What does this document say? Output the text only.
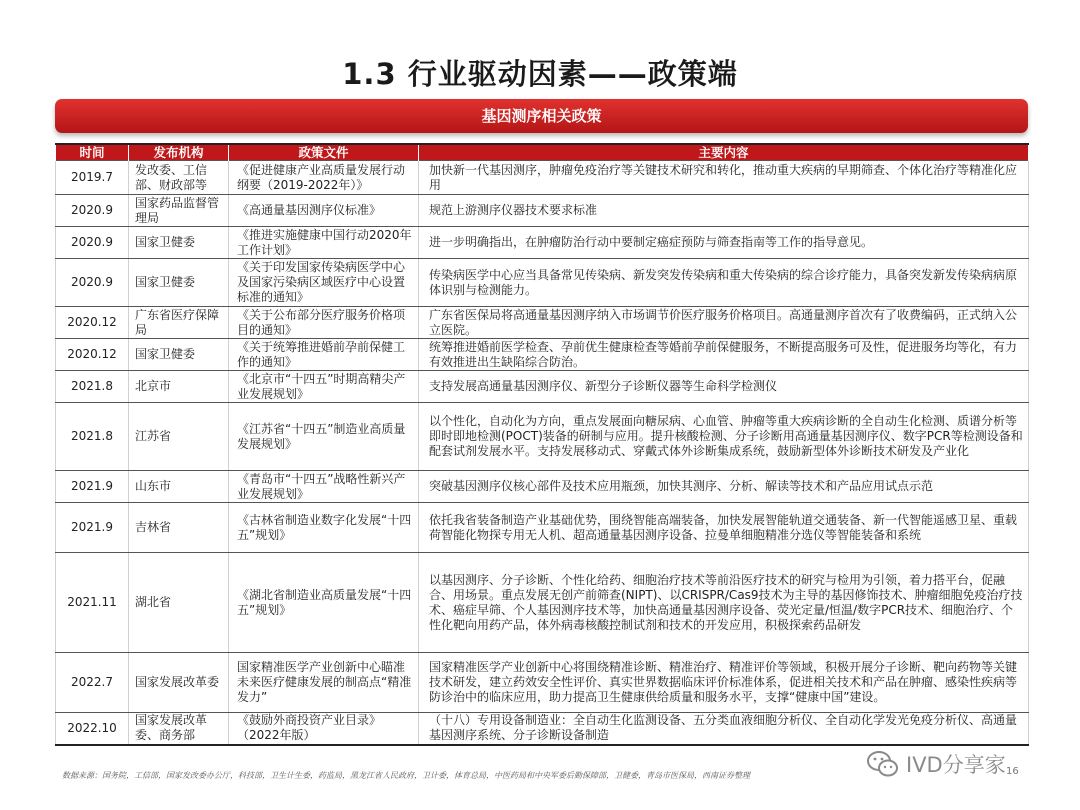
1.3 行业驱动因素——政策端
基因测序相关政策
时间	发布机构	政策文件	主要内容
2019.7	发改委、工信部、财政部等	《促进健康产业高质量发展行动纲要（2019-2022年）》	加快新一代基因测序，肿瘤免疫治疗等关键技术研究和转化，推动重大疾病的早期筛查、个体化治疗等精准化应用
2020.9	国家药品监督管理局	《高通量基因测序仪标准》	规范上游测序仪器技术要求标准
2020.9	国家卫健委	《推进实施健康中国行动2020年工作计划》	进一步明确指出，在肿瘤防治行动中要制定癌症预防与筛查指南等工作的指导意见。
2020.9	国家卫健委	《关于印发国家传染病医学中心及国家污染病区域医疗中心设置标准的通知》	传染病医学中心应当具备常见传染病、新发突发传染病和重大传染病的综合诊疗能力，具备突发新发传染病病原体识别与检测能力。
2020.12	广东省医疗保障局	《关于公布部分医疗服务价格项目的通知》	广东省医保局将高通量基因测序纳入市场调节价医疗服务价格项目。高通量测序首次有了收费编码，正式纳入公立医院。
2020.12	国家卫健委	《关于统筹推进婚前孕前保健工作的通知》	统筹推进婚前医学检查、孕前优生健康检查等婚前孕前保健服务，不断提高服务可及性，促进服务均等化，有力有效推进出生缺陷综合防治。
2021.8	北京市	《北京市“十四五”时期高精尖产业发展规划》	支持发展高通量基因测序仪、新型分子诊断仪器等生命科学检测仪
2021.8	江苏省	《江苏省“十四五”制造业高质量发展规划》	以个性化，自动化为方向，重点发展面向糖尿病、心血管、肿瘤等重大疾病诊断的全自动生化检测、质谱分析等即时即地检测(POCT)装备的研制与应用。提升核酸检测、分子诊断用高通量基因测序仪、数字PCR等检测设备和配套试剂发展水平。支持发展移动式、穿戴式体外诊断集成系统，鼓励新型体外诊断技术研发及产业化
2021.9	山东市	《青岛市“十四五”战略性新兴产业发展规划》	突破基因测序仪核心部件及技术应用瓶颈，加快其测序、分析、解读等技术和产品应用试点示范
2021.9	吉林省	《古林省制造业数字化发展“十四五”规划》	依托我省装备制造产业基础优势，围绕智能高端装备，加快发展智能轨道交通装备、新一代智能遥感卫星、重载荷智能化物探专用无人机、超高通量基因测序设备、拉曼单细胞精准分选仪等智能装备和系统
2021.11	湖北省	《湖北省制造业高质量发展“十四五”规划》	以基因测序、分子诊断、个性化给药、细胞治疗技术等前沿医疗技术的研究与检用为引领，着力搭平台，促融合、用场景。重点发展无创产前筛查(NIPT)、以CRISPR/Cas9技术为主导的基因修饰技术、肿瘤细胞免疫治疗技术、癌症早筛、个人基因测序技术等，加快高通量基因测序设备、荧光定量/恒温/数字PCR技术、细胞治疗、个性化靶向用药产品，体外病毒核酸控制试剂和技术的开发应用，积极探索药品研发
2022.7	国家发展改革委	国家精准医学产业创新中心瞄准未来医疗健康发展的制高点“精准发力”	国家精准医学产业创新中心将围绕精准诊断、精准治疗、精准评价等领域，积极开展分子诊断、靶向药物等关键技术研发，建立药效安全性评价、真实世界数据临床评价标准体系，促进相关技术和产品在肿瘤、感染性疾病等防诊治中的临床应用，助力提高卫生健康供给质量和服务水平，支撑“健康中国”建设。
2022.10	国家发展改革委、商务部	《鼓励外商投资产业目录》（2022年版）	（十八）专用设备制造业：全自动生化监测设备、五分类血液细胞分析仪、全自动化学发光免疫分析仪、高通量基因测序系统、分子诊断设备制造
数据来源：国务院，工信部，国家发改委办公厅，科技部，卫生计生委，药监局，黑龙江省人民政府，卫计委，体育总局，中医药局和中央军委后勤保障部，卫健委，青岛市医保局，西南证券整理	IVD分享家 16
